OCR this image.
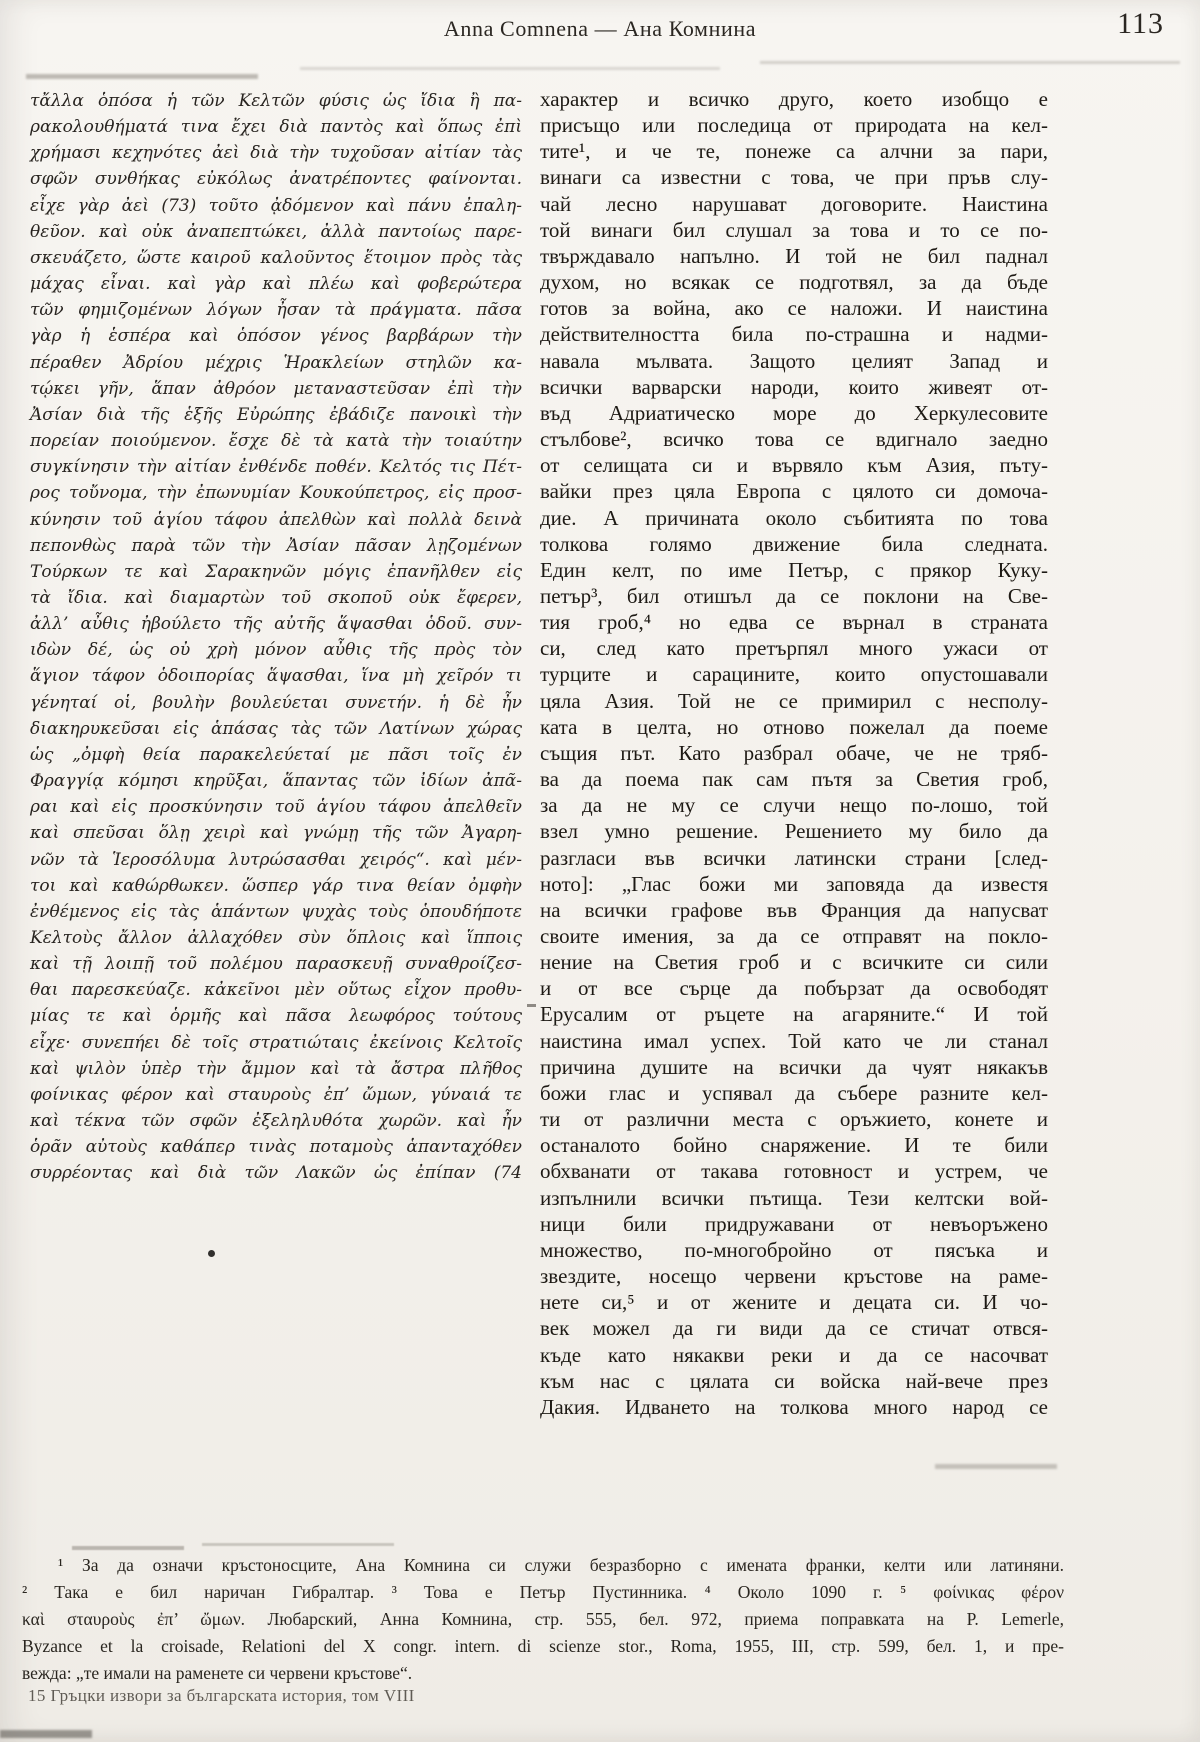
Anna Comnena — Ана Комнина	113
τἄλλα ὁπόσα ἡ τῶν Κελτῶν φύσις ὡς ἴδια ἢ πα-
ρακολουθήματά τινα ἔχει διὰ παντὸς καὶ ὅπως ἐπὶ
χρήμασι κεχηνότες ἀεὶ διὰ τὴν τυχοῦσαν αἰτίαν τὰς
σφῶν συνθήκας εὐκόλως ἀνατρέποντες φαίνονται.
εἶχε γὰρ ἀεὶ (73) τοῦτο ᾀδόμενον καὶ πάνυ ἐπαλη-
θεῦον. καὶ οὐκ ἀναπεπτώκει, ἀλλὰ παντοίως παρε-
σκευάζετο, ὥστε καιροῦ καλοῦντος ἕτοιμον πρὸς τὰς
μάχας εἶναι. καὶ γὰρ καὶ πλέω καὶ φοβερώτερα
τῶν φημιζομένων λόγων ἦσαν τὰ πράγματα. πᾶσα
γὰρ ἡ ἑσπέρα καὶ ὁπόσον γένος βαρβάρων τὴν
πέραθεν Ἀδρίου μέχρις Ἡρακλείων στηλῶν κα-
τῴκει γῆν, ἅπαν ἀθρόον μεταναστεῦσαν ἐπὶ τὴν
Ἀσίαν διὰ τῆς ἑξῆς Εὐρώπης ἐβάδιζε πανοικὶ τὴν
πορείαν ποιούμενον. ἔσχε δὲ τὰ κατὰ τὴν τοιαύτην
συγκίνησιν τὴν αἰτίαν ἐνθένδε ποθέν. Κελτός τις Πέτ-
ρος τοὔνομα, τὴν ἐπωνυμίαν Κουκούπετρος, εἰς προσ-
κύνησιν τοῦ ἁγίου τάφου ἀπελθὼν καὶ πολλὰ δεινὰ
πεπονθὼς παρὰ τῶν τὴν Ἀσίαν πᾶσαν λῃζομένων
Τούρκων τε καὶ Σαρακηνῶν μόγις ἐπανῆλθεν εἰς
τὰ ἴδια. καὶ διαμαρτὼν τοῦ σκοποῦ οὐκ ἔφερεν,
ἀλλ’ αὖθις ἠβούλετο τῆς αὐτῆς ἅψασθαι ὁδοῦ. συν-
ιδὼν δέ, ὡς οὐ χρὴ μόνον αὖθις τῆς πρὸς τὸν
ἅγιον τάφον ὁδοιπορίας ἅψασθαι, ἵνα μὴ χεῖρόν τι
γένηταί οἱ, βουλὴν βουλεύεται συνετήν. ἡ δὲ ἦν
διακηρυκεῦσαι εἰς ἁπάσας τὰς τῶν Λατίνων χώρας
ὡς „ὀμφὴ θεία παρακελεύεταί με πᾶσι τοῖς ἐν
Φραγγίᾳ κόμησι κηρῦξαι, ἅπαντας τῶν ἰδίων ἀπᾶ-
ραι καὶ εἰς προσκύνησιν τοῦ ἁγίου τάφου ἀπελθεῖν
καὶ σπεῦσαι ὅλῃ χειρὶ καὶ γνώμῃ τῆς τῶν Ἀγαρη-
νῶν τὰ Ἱεροσόλυμα λυτρώσασθαι χειρός“. καὶ μέν-
τοι καὶ καθώρθωκεν. ὥσπερ γάρ τινα θείαν ὀμφὴν
ἐνθέμενος εἰς τὰς ἁπάντων ψυχὰς τοὺς ὁπουδήποτε
Κελτοὺς ἄλλον ἀλλαχόθεν σὺν ὅπλοις καὶ ἵπποις
καὶ τῇ λοιπῇ τοῦ πολέμου παρασκευῇ συναθροίζεσ-
θαι παρεσκεύαζε. κἀκεῖνοι μὲν οὕτως εἶχον προθυ-
μίας τε καὶ ὁρμῆς καὶ πᾶσα λεωφόρος τούτους
εἶχε· συνεπήει δὲ τοῖς στρατιώταις ἐκείνοις Κελτοῖς
καὶ ψιλὸν ὑπὲρ τὴν ἄμμον καὶ τὰ ἄστρα πλῆθος
φοίνικας φέρον καὶ σταυροὺς ἐπ’ ὤμων, γύναιά τε
καὶ τέκνα τῶν σφῶν ἐξεληλυθότα χωρῶν. καὶ ἦν
ὁρᾶν αὐτοὺς καθάπερ τινὰς ποταμοὺς ἁπανταχόθεν
συρρέοντας καὶ διὰ τῶν Λακῶν ὡς ἐπίπαν (74
характер и всичко друго, което изобщо е
присъщо или последица от природата на кел-
тите¹, и че те, понеже са алчни за пари,
винаги са известни с това, че при пръв слу-
чай лесно нарушават договорите. Наистина
той винаги бил слушал за това и то се по-
твърждавало напълно. И той не бил паднал
духом, но всякак се подготвял, за да бъде
готов за война, ако се наложи. И наистина
действителността била по-страшна и надми-
навала мълвата. Защото целият Запад и
всички варварски народи, които живеят от-
въд Адриатическо море до Херкулесовите
стълбове², всичко това се вдигнало заедно
от селищата си и вървяло към Азия, пъту-
вайки през цяла Европа с цялото си домоча-
дие. А причината около събитията по това
толкова голямо движение била следната.
Един келт, по име Петър, с прякор Куку-
петър³, бил отишъл да се поклони на Све-
тия гроб,⁴ но едва се върнал в страната
си, след като претърпял много ужаси от
турците и сарацините, които опустошавали
цяла Азия. Той не се примирил с несполу-
ката в целта, но отново пожелал да поеме
същия път. Като разбрал обаче, че не тряб-
ва да поема пак сам пътя за Светия гроб,
за да не му се случи нещо по-лошо, той
взел умно решение. Решението му било да
разгласи във всички латински страни [след-
ното]: „Глас божи ми заповяда да известя
на всички графове във Франция да напусват
своите имения, за да се отправят на покло-
нение на Светия гроб и с всичките си сили
и от все сърце да побързат да освободят
Ерусалим от ръцете на агаряните.“ И той
наистина имал успех. Той като че ли станал
причина душите на всички да чуят някакъв
божи глас и успявал да събере разните кел-
ти от различни места с оръжието, конете и
останалото бойно снаряжение. И те били
обхванати от такава готовност и устрем, че
изпълнили всички пътища. Тези келтски вой-
ници били придружавани от невъоръжено
множество, по-многобройно от пясъка и
звездите, носещо червени кръстове на раме-
нете си,⁵ и от жените и децата си. И чо-
век можел да ги види да се стичат отвся-
къде като някакви реки и да се насочват
към нас с цялата си войска най-вече през
Дакия. Идването на толкова много народ се
¹ За да означи кръстоносците, Ана Комнина си служи безразборно с имената франки, келти или латиняни.
² Така е бил наричан Гибралтар. ³ Това е Петър Пустинника. ⁴ Около 1090 г. ⁵ φοίνικας φέρον
καὶ σταυροὺς ἐπ’ ὤμων. Любарский, Анна Комнина, стр. 555, бел. 972, приема поправката на P. Lemerle,
Byzance et la croisade, Relationi del X congr. intern. di scienze stor., Roma, 1955, III, стр. 599, бел. 1, и пре-
вежда: „те имали на раменете си червени кръстове“.
15 Гръцки извори за българската история, том VIII
